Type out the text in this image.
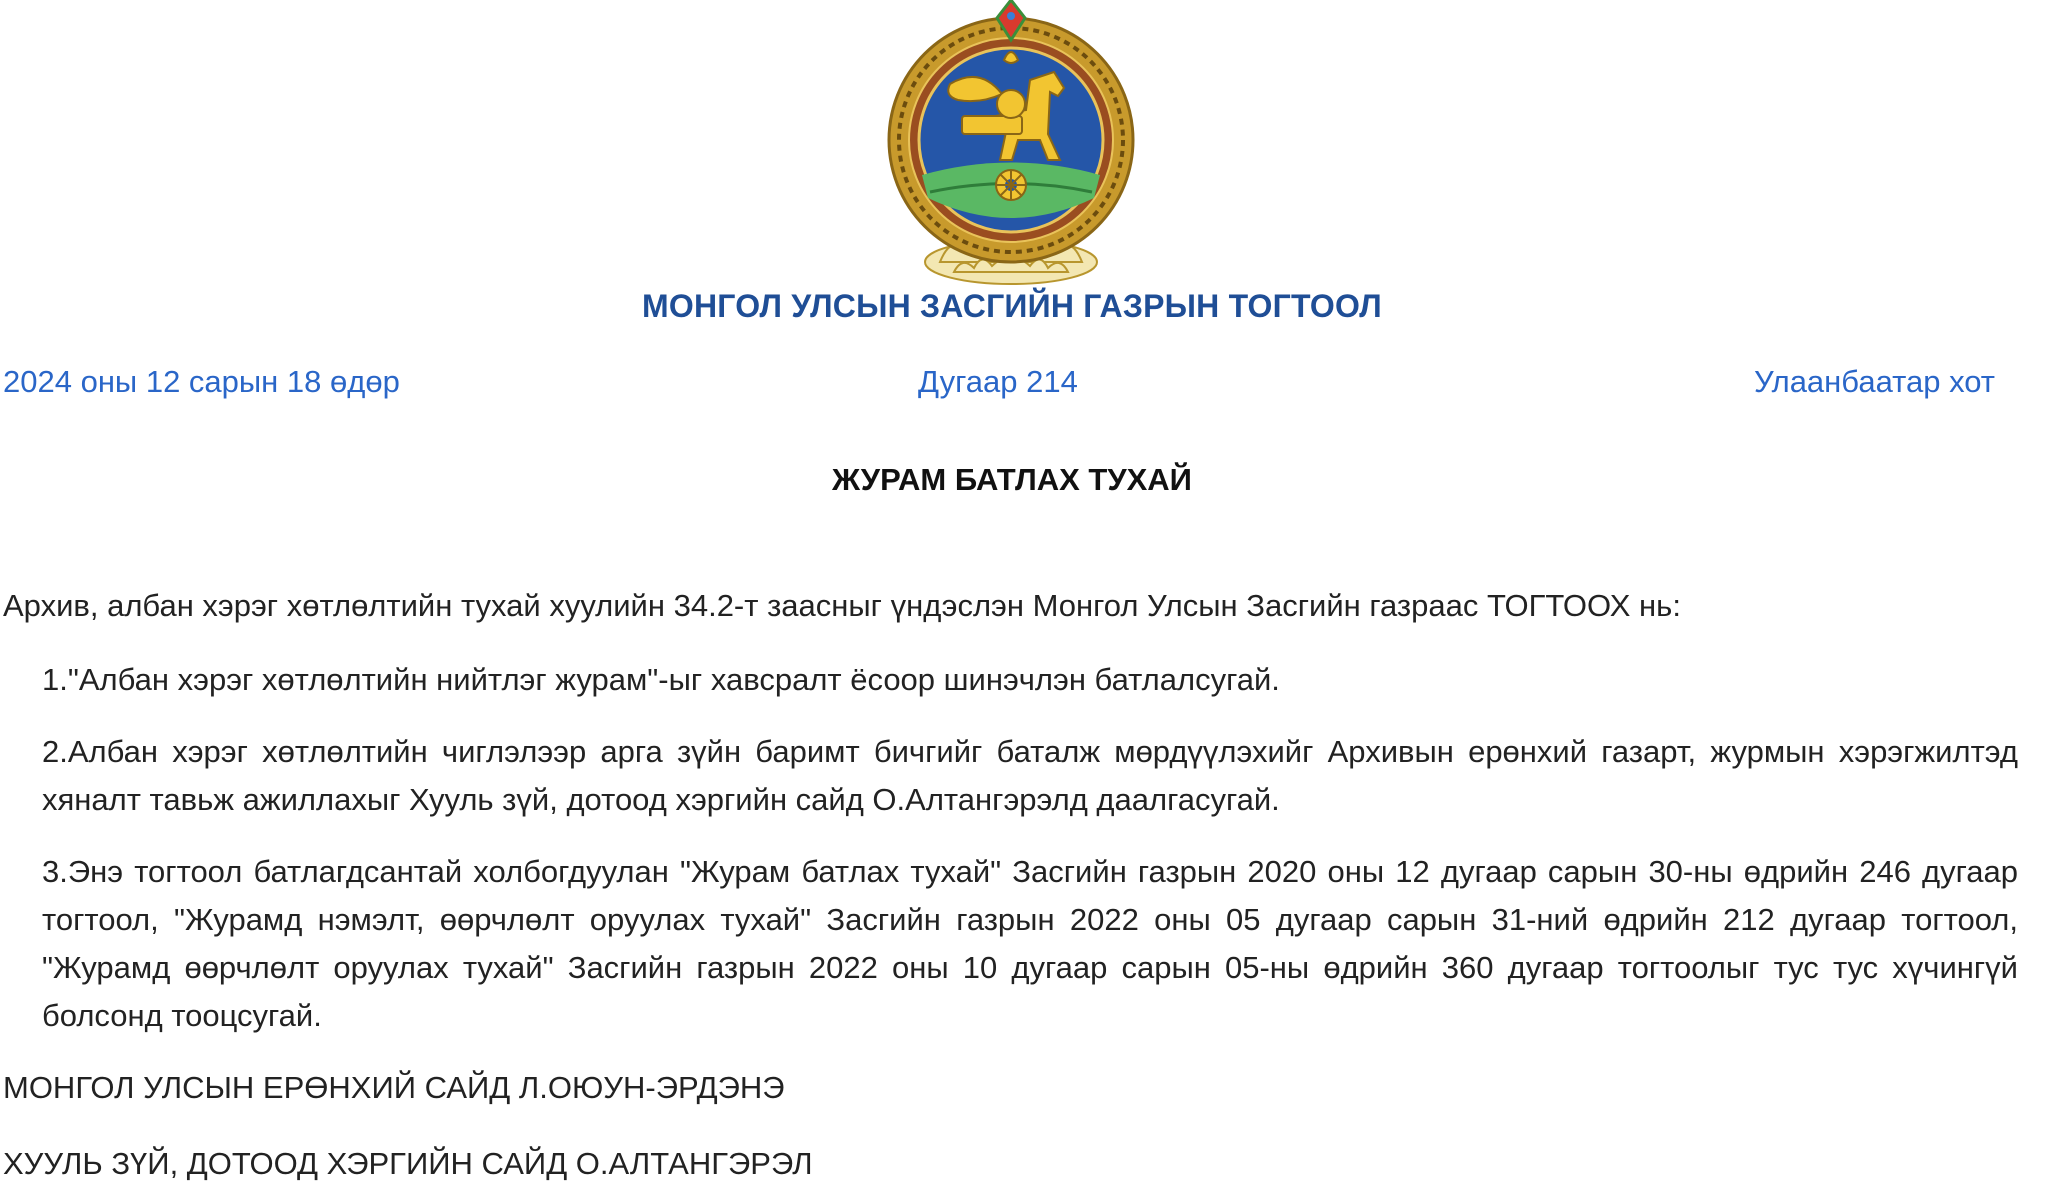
МОНГОЛ УЛСЫН ЗАСГИЙН ГАЗРЫН ТОГТООЛ
2024 оны 12 сарын 18 өдөр	Дугаар 214	Улаанбаатар хот
ЖУРАМ БАТЛАХ ТУХАЙ
Архив, албан хэрэг хөтлөлтийн тухай хуулийн 34.2-т заасныг үндэслэн Монгол Улсын Засгийн газраас ТОГТООХ нь:
1."Албан хэрэг хөтлөлтийн нийтлэг журам"-ыг хавсралт ёсоор шинэчлэн батлалсугай.
2.Албан хэрэг хөтлөлтийн чиглэлээр арга зүйн баримт бичгийг баталж мөрдүүлэхийг Архивын ерөнхий газарт, журмын хэрэгжилтэд хяналт тавьж ажиллахыг Хууль зүй, дотоод хэргийн сайд О.Алтангэрэлд даалгасугай.
3.Энэ тогтоол батлагдсантай холбогдуулан "Журам батлах тухай" Засгийн газрын 2020 оны 12 дугаар сарын 30-ны өдрийн 246 дугаар тогтоол, "Журамд нэмэлт, өөрчлөлт оруулах тухай" Засгийн газрын 2022 оны 05 дугаар сарын 31-ний өдрийн 212 дугаар тогтоол, "Журамд өөрчлөлт оруулах тухай" Засгийн газрын 2022 оны 10 дугаар сарын 05-ны өдрийн 360 дугаар тогтоолыг тус тус хүчингүй болсонд тооцсугай.
МОНГОЛ УЛСЫН ЕРӨНХИЙ САЙД Л.ОЮУН-ЭРДЭНЭ
ХУУЛЬ ЗҮЙ, ДОТООД ХЭРГИЙН САЙД О.АЛТАНГЭРЭЛ
